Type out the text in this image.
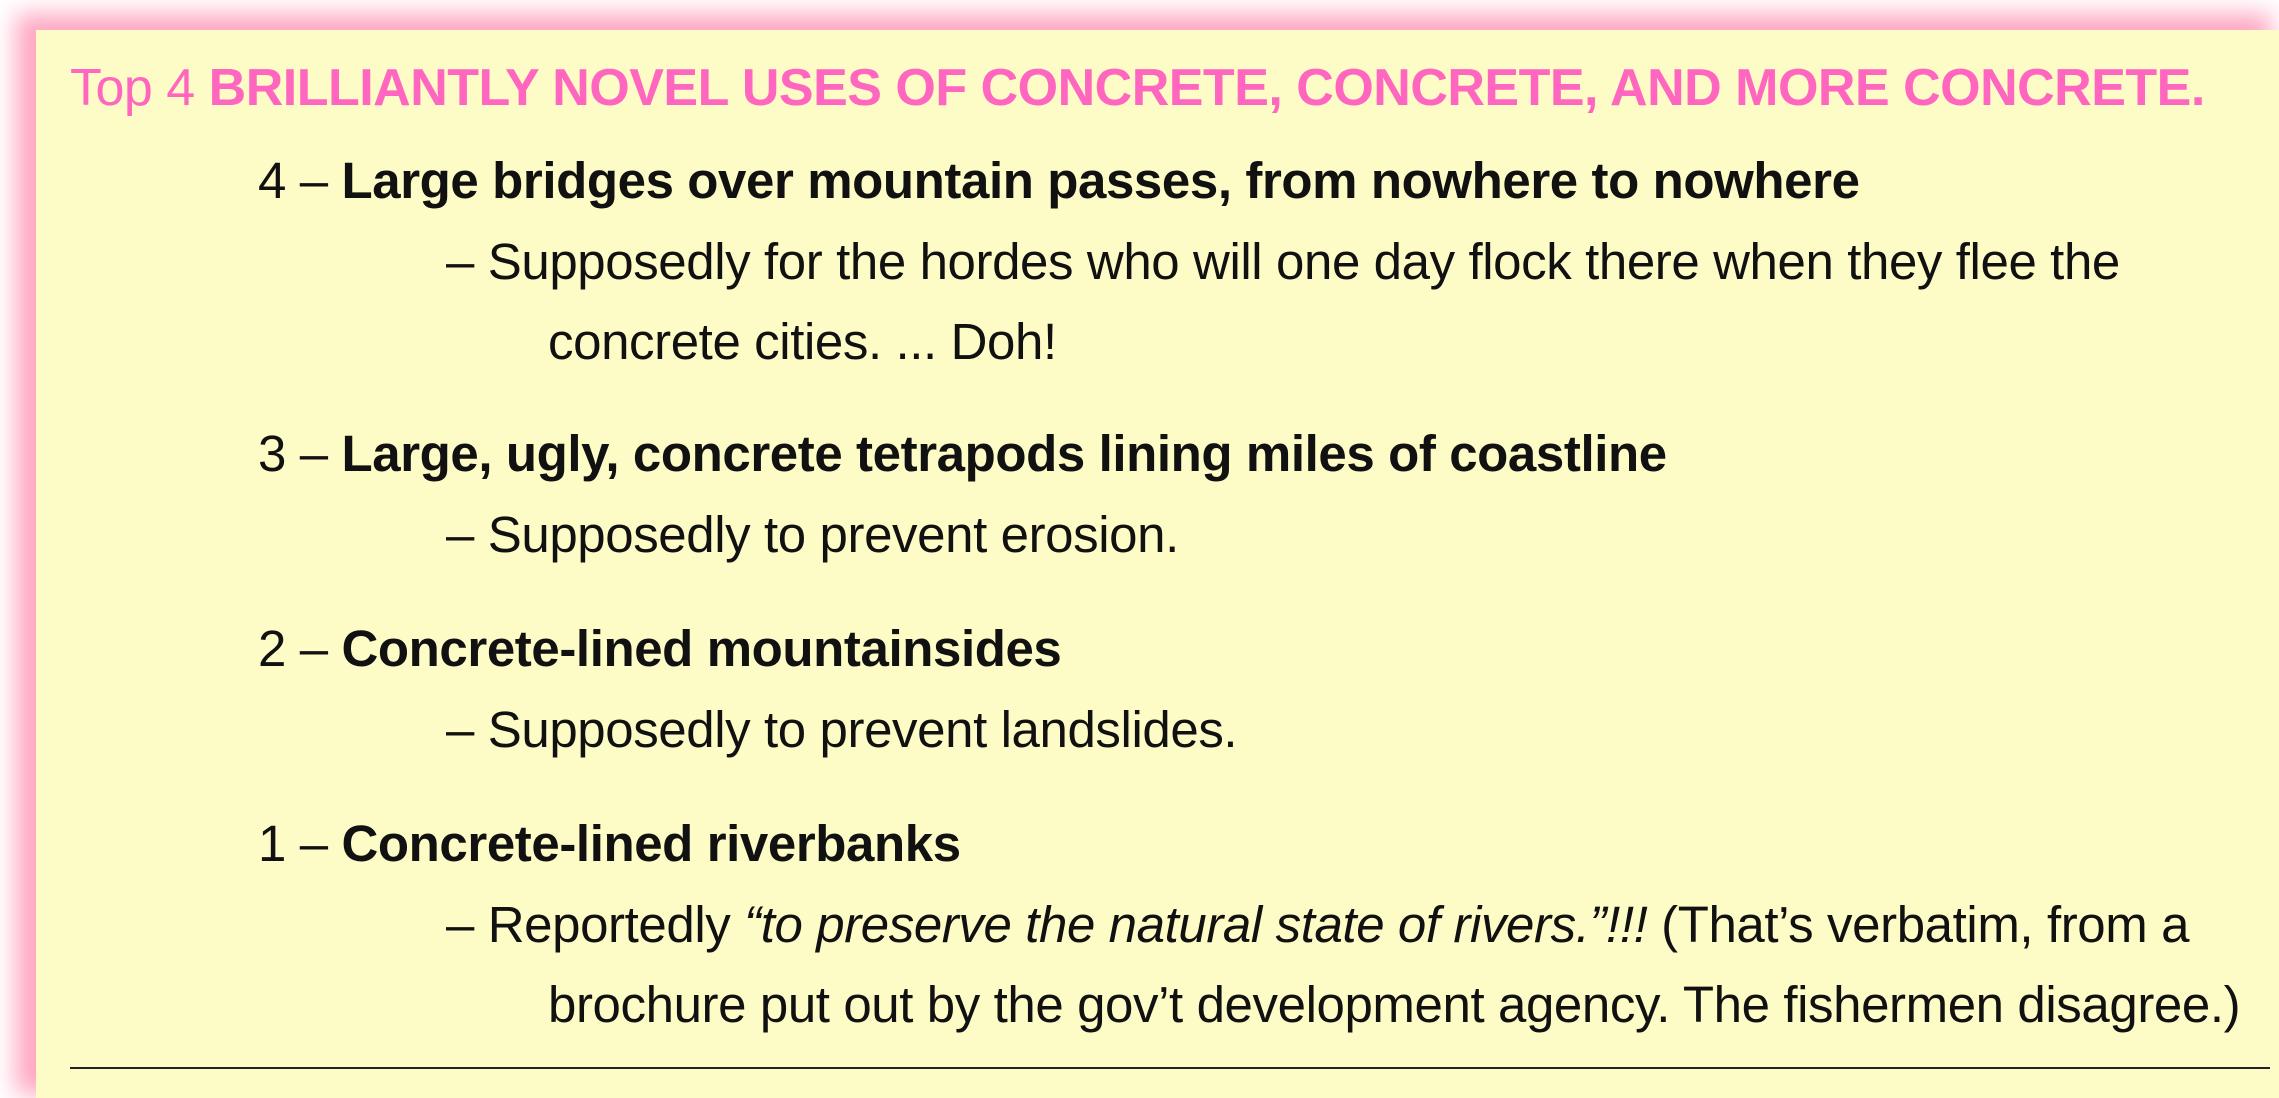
Top 4 BRILLIANTLY NOVEL USES OF CONCRETE, CONCRETE, AND MORE CONCRETE.
4 – Large bridges over mountain passes, from nowhere to nowhere
– Supposedly for the hordes who will one day flock there when they flee the
concrete cities. ... Doh!
3 – Large, ugly, concrete tetrapods lining miles of coastline
– Supposedly to prevent erosion.
2 – Concrete-lined mountainsides
– Supposedly to prevent landslides.
1 – Concrete-lined riverbanks
– Reportedly “to preserve the natural state of rivers.”!!! (That’s verbatim, from a
brochure put out by the gov’t development agency. The fishermen disagree.)
